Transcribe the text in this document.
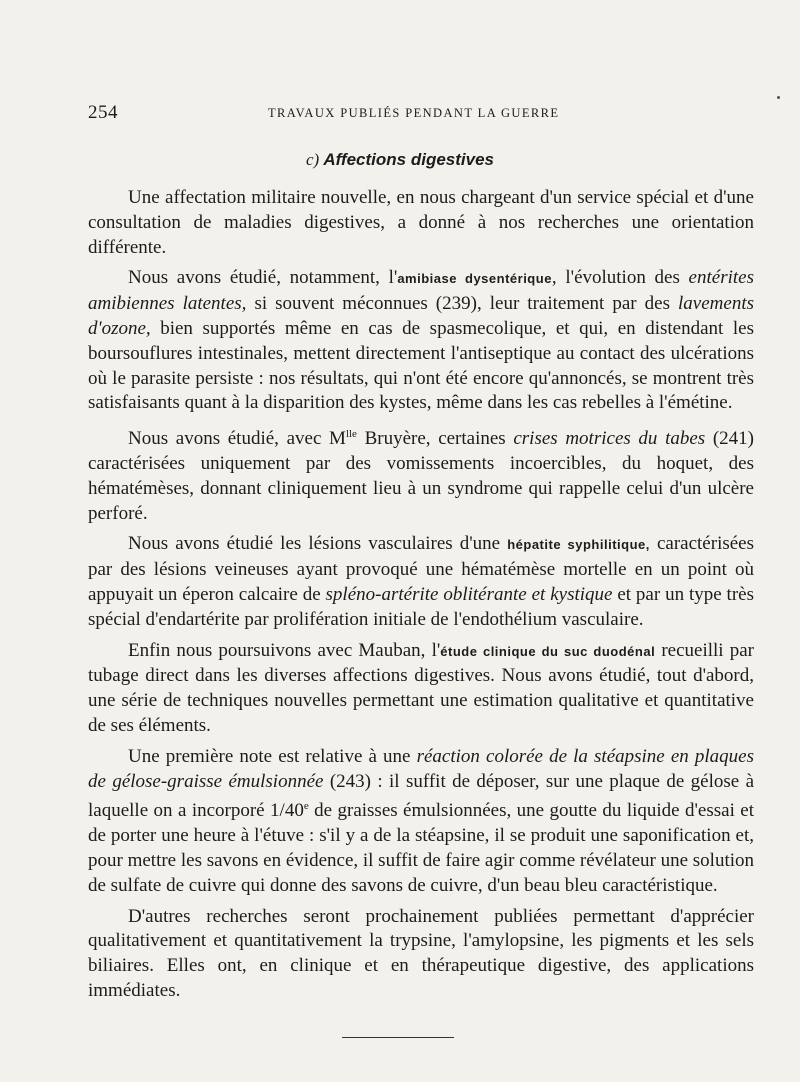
254	TRAVAUX PUBLIÉS PENDANT LA GUERRE
c) Affections digestives

Une affectation militaire nouvelle, en nous chargeant d'un service spécial et d'une consultation de maladies digestives, a donné à nos recherches une orientation différente.

Nous avons étudié, notamment, l'amibiase dysentérique, l'évolution des entérites amibiennes latentes, si souvent méconnues (239), leur traitement par des lavements d'ozone, bien supportés même en cas de spasmecolique, et qui, en distendant les boursouflures intestinales, mettent directement l'antiseptique au contact des ulcérations où le parasite persiste : nos résultats, qui n'ont été encore qu'annoncés, se montrent très satisfaisants quant à la disparition des kystes, même dans les cas rebelles à l'émétine.

Nous avons étudié, avec $M^{lle}$ Bruyère, certaines crises motrices du tabes (241) caractérisées uniquement par des vomissements incoercibles, du hoquet, des hématémèses, donnant cliniquement lieu à un syndrome qui rappelle celui d'un ulcère perforé.

Nous avons étudié les lésions vasculaires d'une hépatite syphilitique, caractérisées par des lésions veineuses ayant provoqué une hématémèse mortelle en un point où appuyait un éperon calcaire de spléno-artérite oblitérante et kystique et par un type très spécial d'endartérite par prolifération initiale de l'endothélium vasculaire.

Enfin nous poursuivons avec Mauban, l'étude clinique du suc duodénal recueilli par tubage direct dans les diverses affections digestives. Nous avons étudié, tout d'abord, une série de techniques nouvelles permettant une estimation qualitative et quantitative de ses éléments.

Une première note est relative à une réaction colorée de la stéapsine en plaques de gélose-graisse émulsionnée (243) : il suffit de déposer, sur une plaque de gélose à laquelle on a incorporé 1/40e de graisses émulsionnées, une goutte du liquide d'essai et de porter une heure à l'étuve : s'il y a de la stéapsine, il se produit une saponification et, pour mettre les savons en évidence, il suffit de faire agir comme révélateur une solution de sulfate de cuivre qui donne des savons de cuivre, d'un beau bleu caractéristique.

D'autres recherches seront prochainement publiées permettant d'apprécier qualitativement et quantitativement la trypsine, l'amylopsine, les pigments et les sels biliaires. Elles ont, en clinique et en thérapeutique digestive, des applications immédiates.
